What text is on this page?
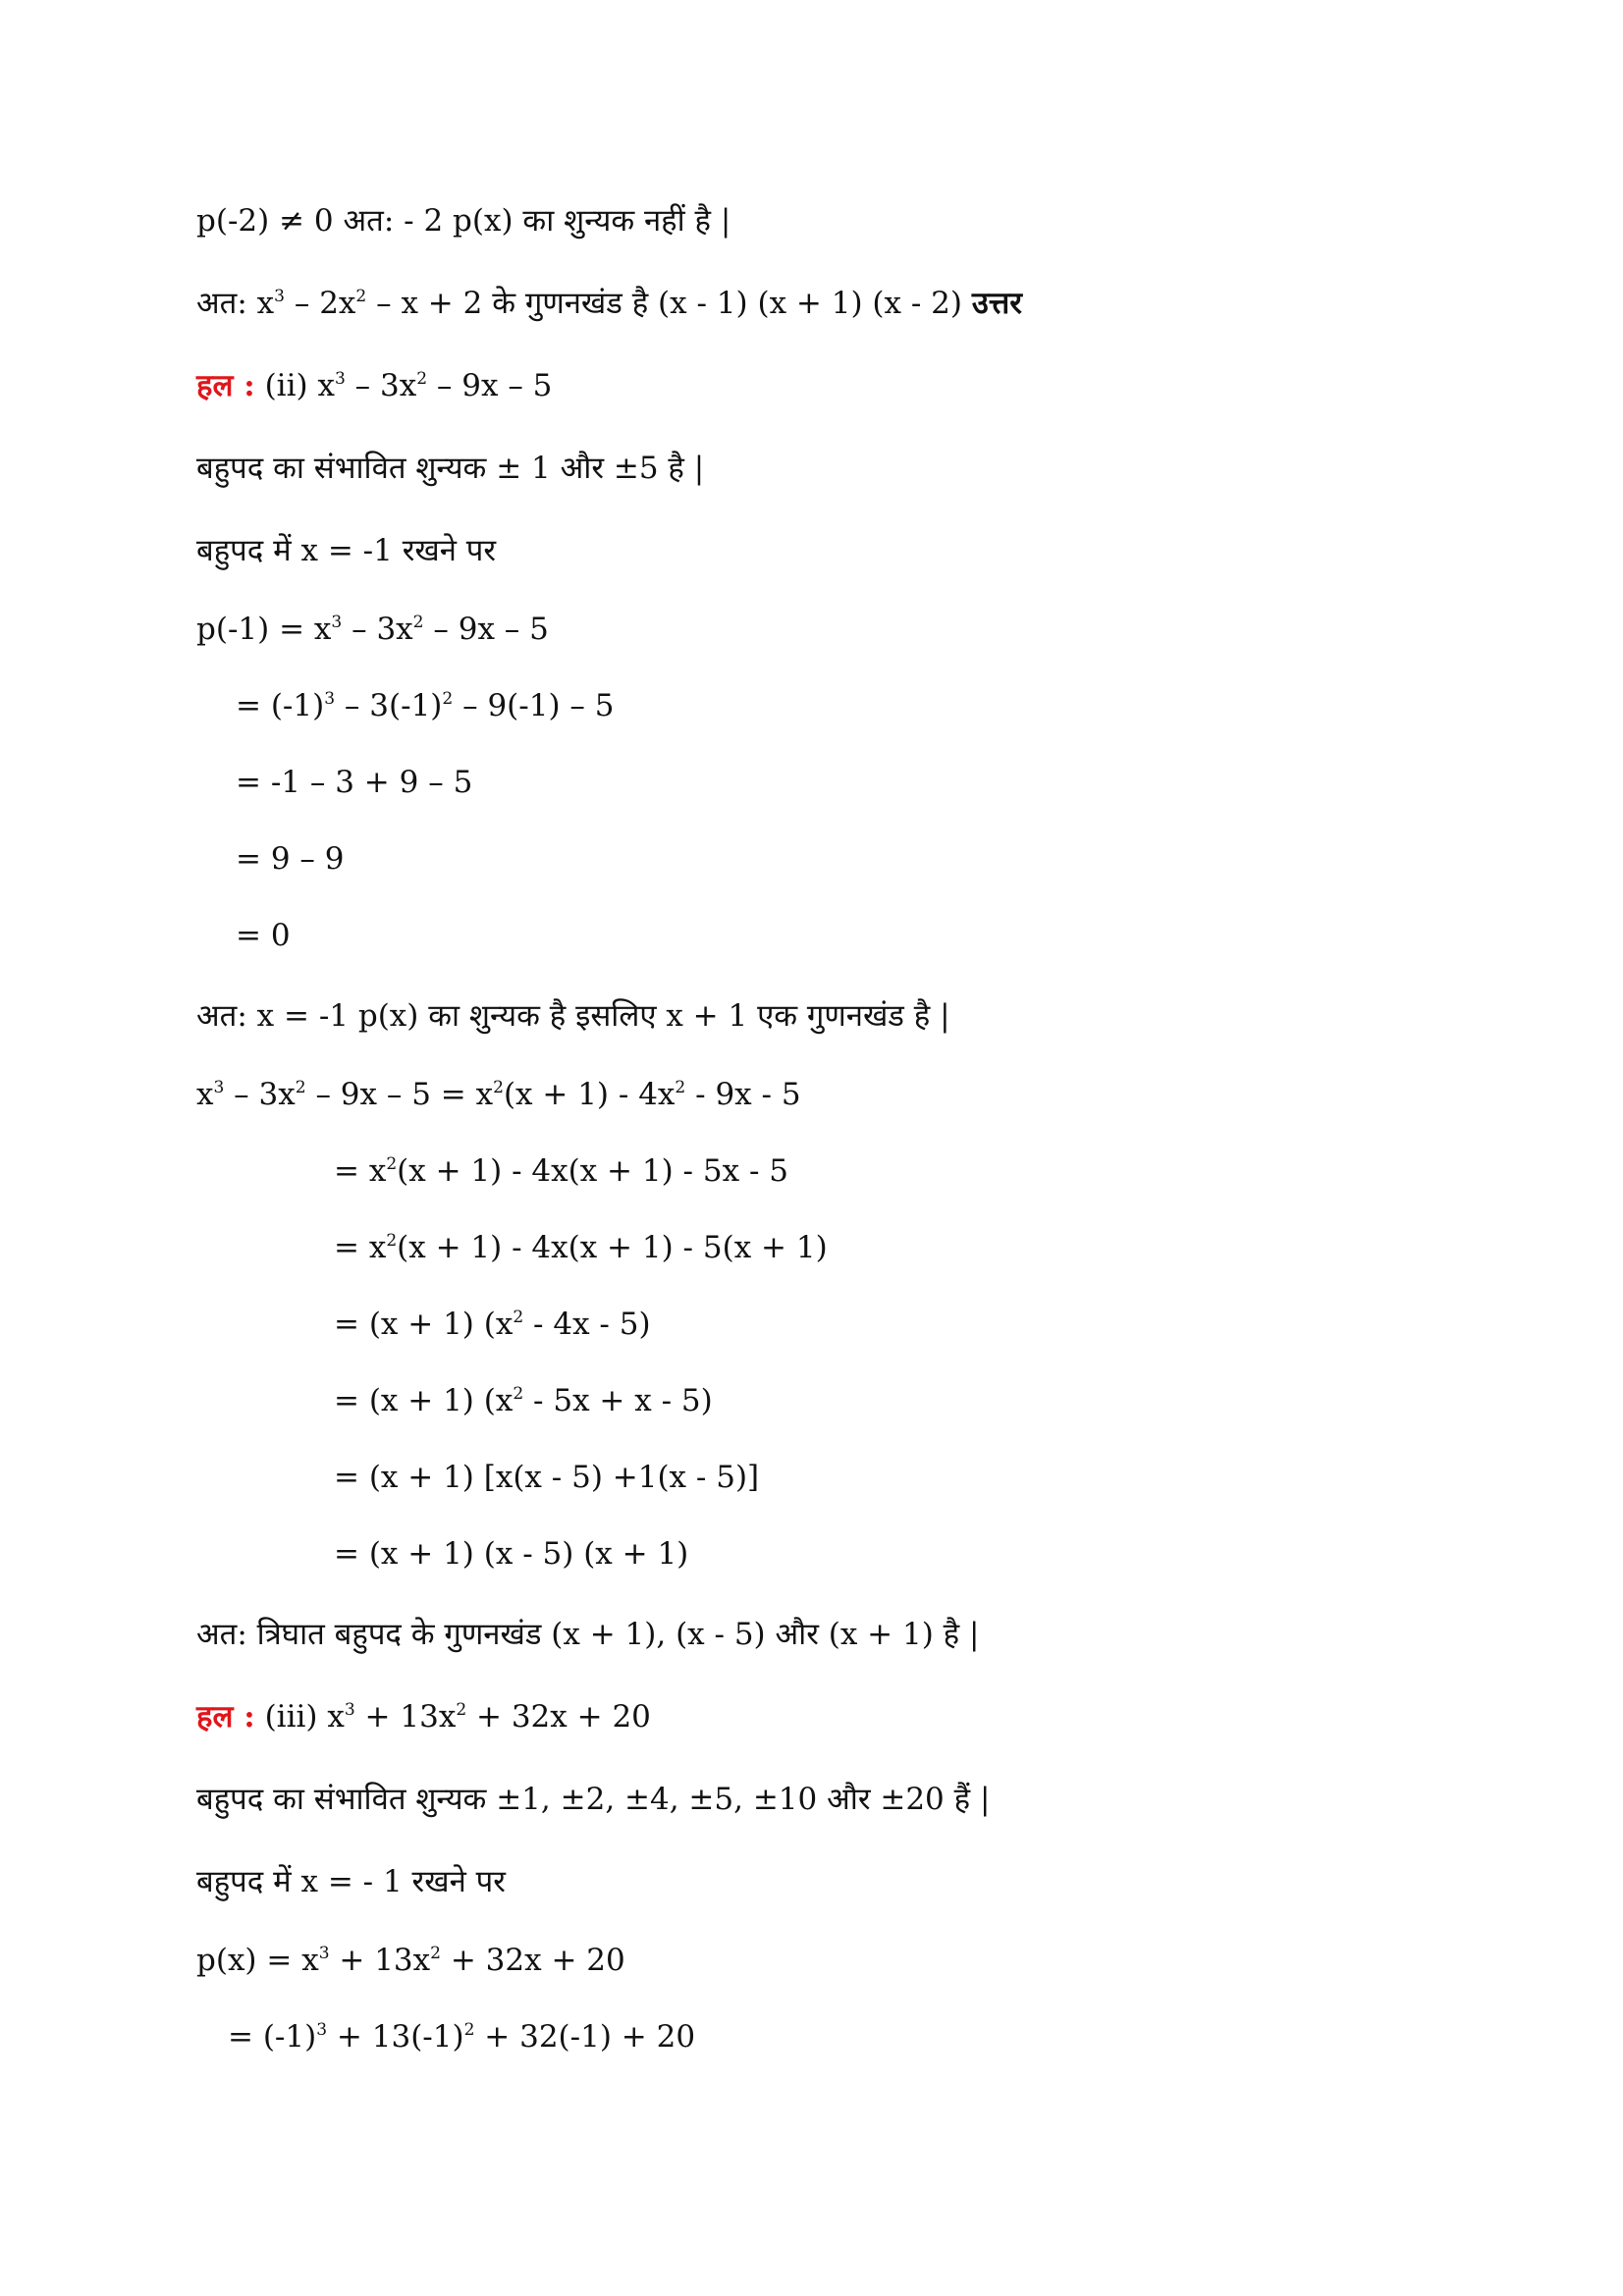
p(-2) ≠ 0 अत: - 2 p(x) का शुन्यक नहीं है |
अत: $x^3 - 2x^2 - x + 2$ के गुणनखंड है (x - 1) (x + 1) (x - 2) उत्तर
हल : (ii) $x^3 - 3x^2 - 9x - 5$
बहुपद का संभावित शुन्यक ± 1 और ±5 है |
बहुपद में x = -1 रखने पर
$p(-1) = x^3 - 3x^2 - 9x - 5$
= $(-1)^3 - 3(-1)^2 - 9(-1) - 5$
= -1 – 3 + 9 – 5
= 9 – 9
= 0
अत: x = -1 p(x) का शुन्यक है इसलिए x + 1 एक गुणनखंड है |
$x^3 - 3x^2 - 9x - 5 = x^2(x + 1) - 4x^2 - 9x - 5$
= $x^2(x + 1) - 4x(x + 1) - 5x - 5$
= $x^2(x + 1) - 4x(x + 1) - 5(x + 1)$
= (x + 1) $(x^2 - 4x - 5)$
= (x + 1) $(x^2 - 5x + x - 5)$
= (x + 1) [x(x - 5) +1(x - 5)]
= (x + 1) (x - 5) (x + 1)
अत: त्रिघात बहुपद के गुणनखंड (x + 1), (x - 5) और (x + 1) है |
हल : (iii) $x^3 + 13x^2 + 32x + 20$
बहुपद का संभावित शुन्यक ±1, ±2, ±4, ±5, ±10 और ±20 हैं |
बहुपद में x = - 1 रखने पर
$p(x) = x^3 + 13x^2 + 32x + 20$
= $(-1)^3 + 13(-1)^2 + 32(-1) + 20$
